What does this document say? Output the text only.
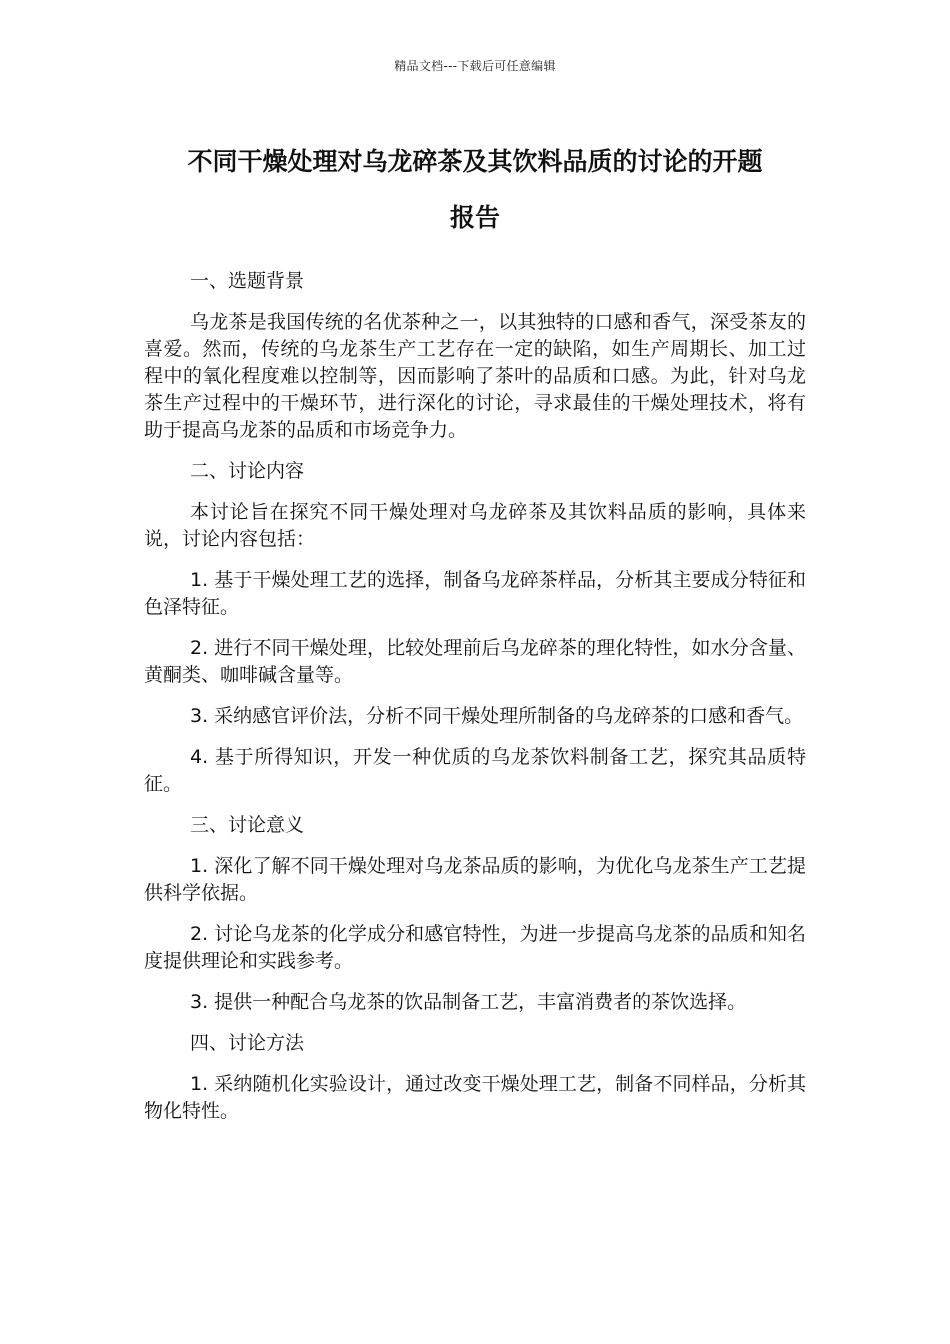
精品文档---下载后可任意编辑
不同干燥处理对乌龙碎茶及其饮料品质的讨论的开题
报告

一、选题背景

乌龙茶是我国传统的名优茶种之一，以其独特的口感和香气，深受茶友的喜爱。然而，传统的乌龙茶生产工艺存在一定的缺陷，如生产周期长、加工过程中的氧化程度难以控制等，因而影响了茶叶的品质和口感。为此，针对乌龙茶生产过程中的干燥环节，进行深化的讨论，寻求最佳的干燥处理技术，将有助于提高乌龙茶的品质和市场竞争力。

二、讨论内容

本讨论旨在探究不同干燥处理对乌龙碎茶及其饮料品质的影响，具体来说，讨论内容包括：

1. 基于干燥处理工艺的选择，制备乌龙碎茶样品，分析其主要成分特征和色泽特征。

2. 进行不同干燥处理，比较处理前后乌龙碎茶的理化特性，如水分含量、黄酮类、咖啡碱含量等。

3. 采纳感官评价法，分析不同干燥处理所制备的乌龙碎茶的口感和香气。

4. 基于所得知识，开发一种优质的乌龙茶饮料制备工艺，探究其品质特征。

三、讨论意义

1. 深化了解不同干燥处理对乌龙茶品质的影响，为优化乌龙茶生产工艺提供科学依据。

2. 讨论乌龙茶的化学成分和感官特性，为进一步提高乌龙茶的品质和知名度提供理论和实践参考。

3. 提供一种配合乌龙茶的饮品制备工艺，丰富消费者的茶饮选择。

四、讨论方法

1. 采纳随机化实验设计，通过改变干燥处理工艺，制备不同样品，分析其物化特性。
